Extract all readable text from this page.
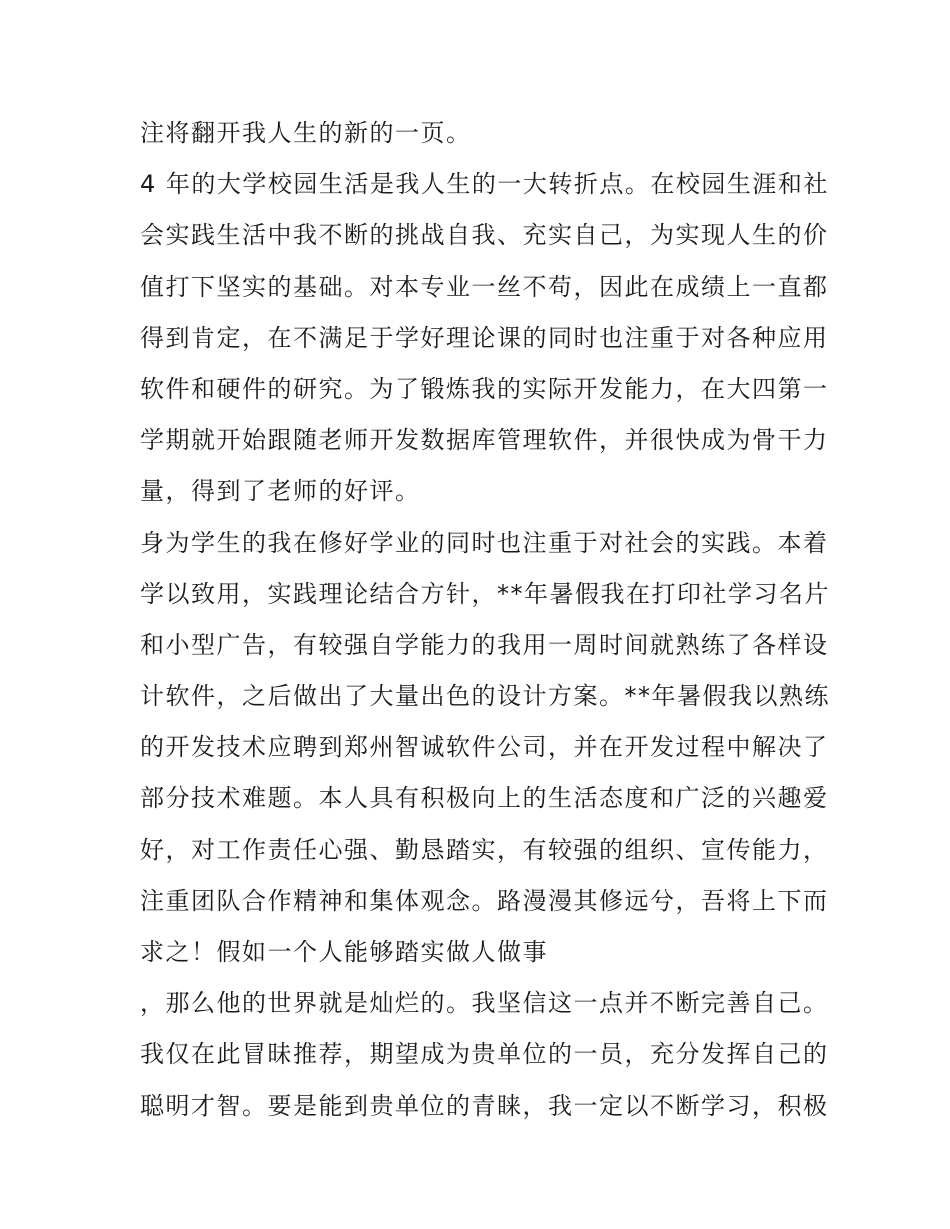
注将翻开我人生的新的一页。
4 年的大学校园生活是我人生的一大转折点。在校园生涯和社
会实践生活中我不断的挑战自我、充实自己，为实现人生的价
值打下坚实的基础。对本专业一丝不苟，因此在成绩上一直都
得到肯定，在不满足于学好理论课的同时也注重于对各种应用
软件和硬件的研究。为了锻炼我的实际开发能力，在大四第一
学期就开始跟随老师开发数据库管理软件，并很快成为骨干力
量，得到了老师的好评。
身为学生的我在修好学业的同时也注重于对社会的实践。本着
学以致用，实践理论结合方针，**年暑假我在打印社学习名片
和小型广告，有较强自学能力的我用一周时间就熟练了各样设
计软件，之后做出了大量出色的设计方案。**年暑假我以熟练
的开发技术应聘到郑州智诚软件公司，并在开发过程中解决了
部分技术难题。本人具有积极向上的生活态度和广泛的兴趣爱
好，对工作责任心强、勤恳踏实，有较强的组织、宣传能力，
注重团队合作精神和集体观念。路漫漫其修远兮，吾将上下而
求之！假如一个人能够踏实做人做事
，那么他的世界就是灿烂的。我坚信这一点并不断完善自己。
我仅在此冒昧推荐，期望成为贵单位的一员，充分发挥自己的
聪明才智。要是能到贵单位的青睐，我一定以不断学习，积极
